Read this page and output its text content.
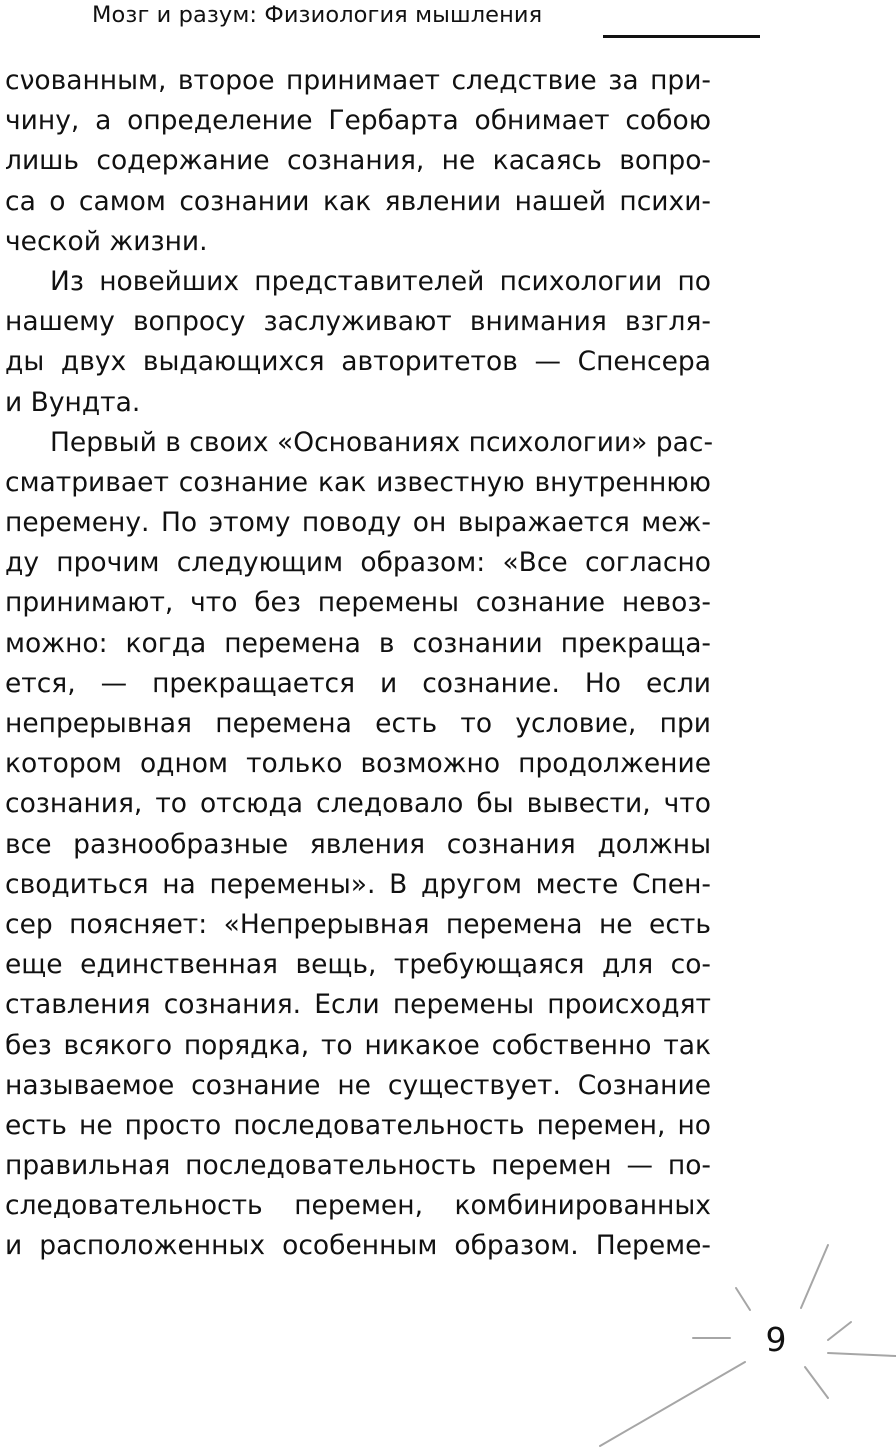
Мозг и разум: Физиология мышления
сνованным, второе принимает следствие за при-
чину, а определение Гербарта обнимает собою
лишь содержание сознания, не касаясь вопро-
са о самом сознании как явлении нашей психи-
ческой жизни.
Из новейших представителей психологии по
нашему вопросу заслуживают внимания взгля-
ды двух выдающихся авторитетов — Спенсера
и Вундта.
Первый в своих «Основаниях психологии» рас-
сматривает сознание как известную внутреннюю
перемену. По этому поводу он выражается меж-
ду прочим следующим образом: «Все согласно
принимают, что без перемены сознание невоз-
можно: когда перемена в сознании прекраща-
ется, — прекращается и сознание. Но если
непрерывная перемена есть то условие, при
котором одном только возможно продолжение
сознания, то отсюда следовало бы вывести, что
все разнообразные явления сознания должны
сводиться на перемены». В другом месте Спен-
сер поясняет: «Непрерывная перемена не есть
еще единственная вещь, требующаяся для со-
ставления сознания. Если перемены происходят
без всякого порядка, то никакое собственно так
называемое сознание не существует. Сознание
есть не просто последовательность перемен, но
правильная последовательность перемен — по-
следовательность перемен, комбинированных
и расположенных особенным образом. Переме-
9
